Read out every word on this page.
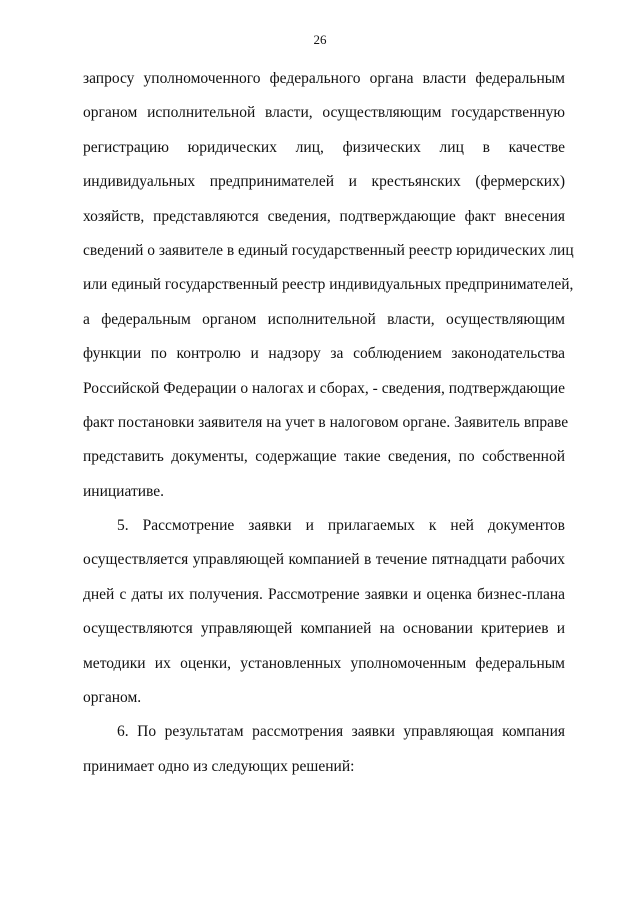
26
запросу уполномоченного федерального органа власти федеральным
органом исполнительной власти, осуществляющим государственную
регистрацию юридических лиц, физических лиц в качестве
индивидуальных предпринимателей и крестьянских (фермерских)
хозяйств, представляются сведения, подтверждающие факт внесения
сведений о заявителе в единый государственный реестр юридических лиц
или единый государственный реестр индивидуальных предпринимателей,
а федеральным органом исполнительной власти, осуществляющим
функции по контролю и надзору за соблюдением законодательства
Российской Федерации о налогах и сборах, - сведения, подтверждающие
факт постановки заявителя на учет в налоговом органе. Заявитель вправе
представить документы, содержащие такие сведения, по собственной
инициативе.
5. Рассмотрение заявки и прилагаемых к ней документов
осуществляется управляющей компанией в течение пятнадцати рабочих
дней с даты их получения. Рассмотрение заявки и оценка бизнес-плана
осуществляются управляющей компанией на основании критериев и
методики их оценки, установленных уполномоченным федеральным
органом.
6. По результатам рассмотрения заявки управляющая компания
принимает одно из следующих решений:
